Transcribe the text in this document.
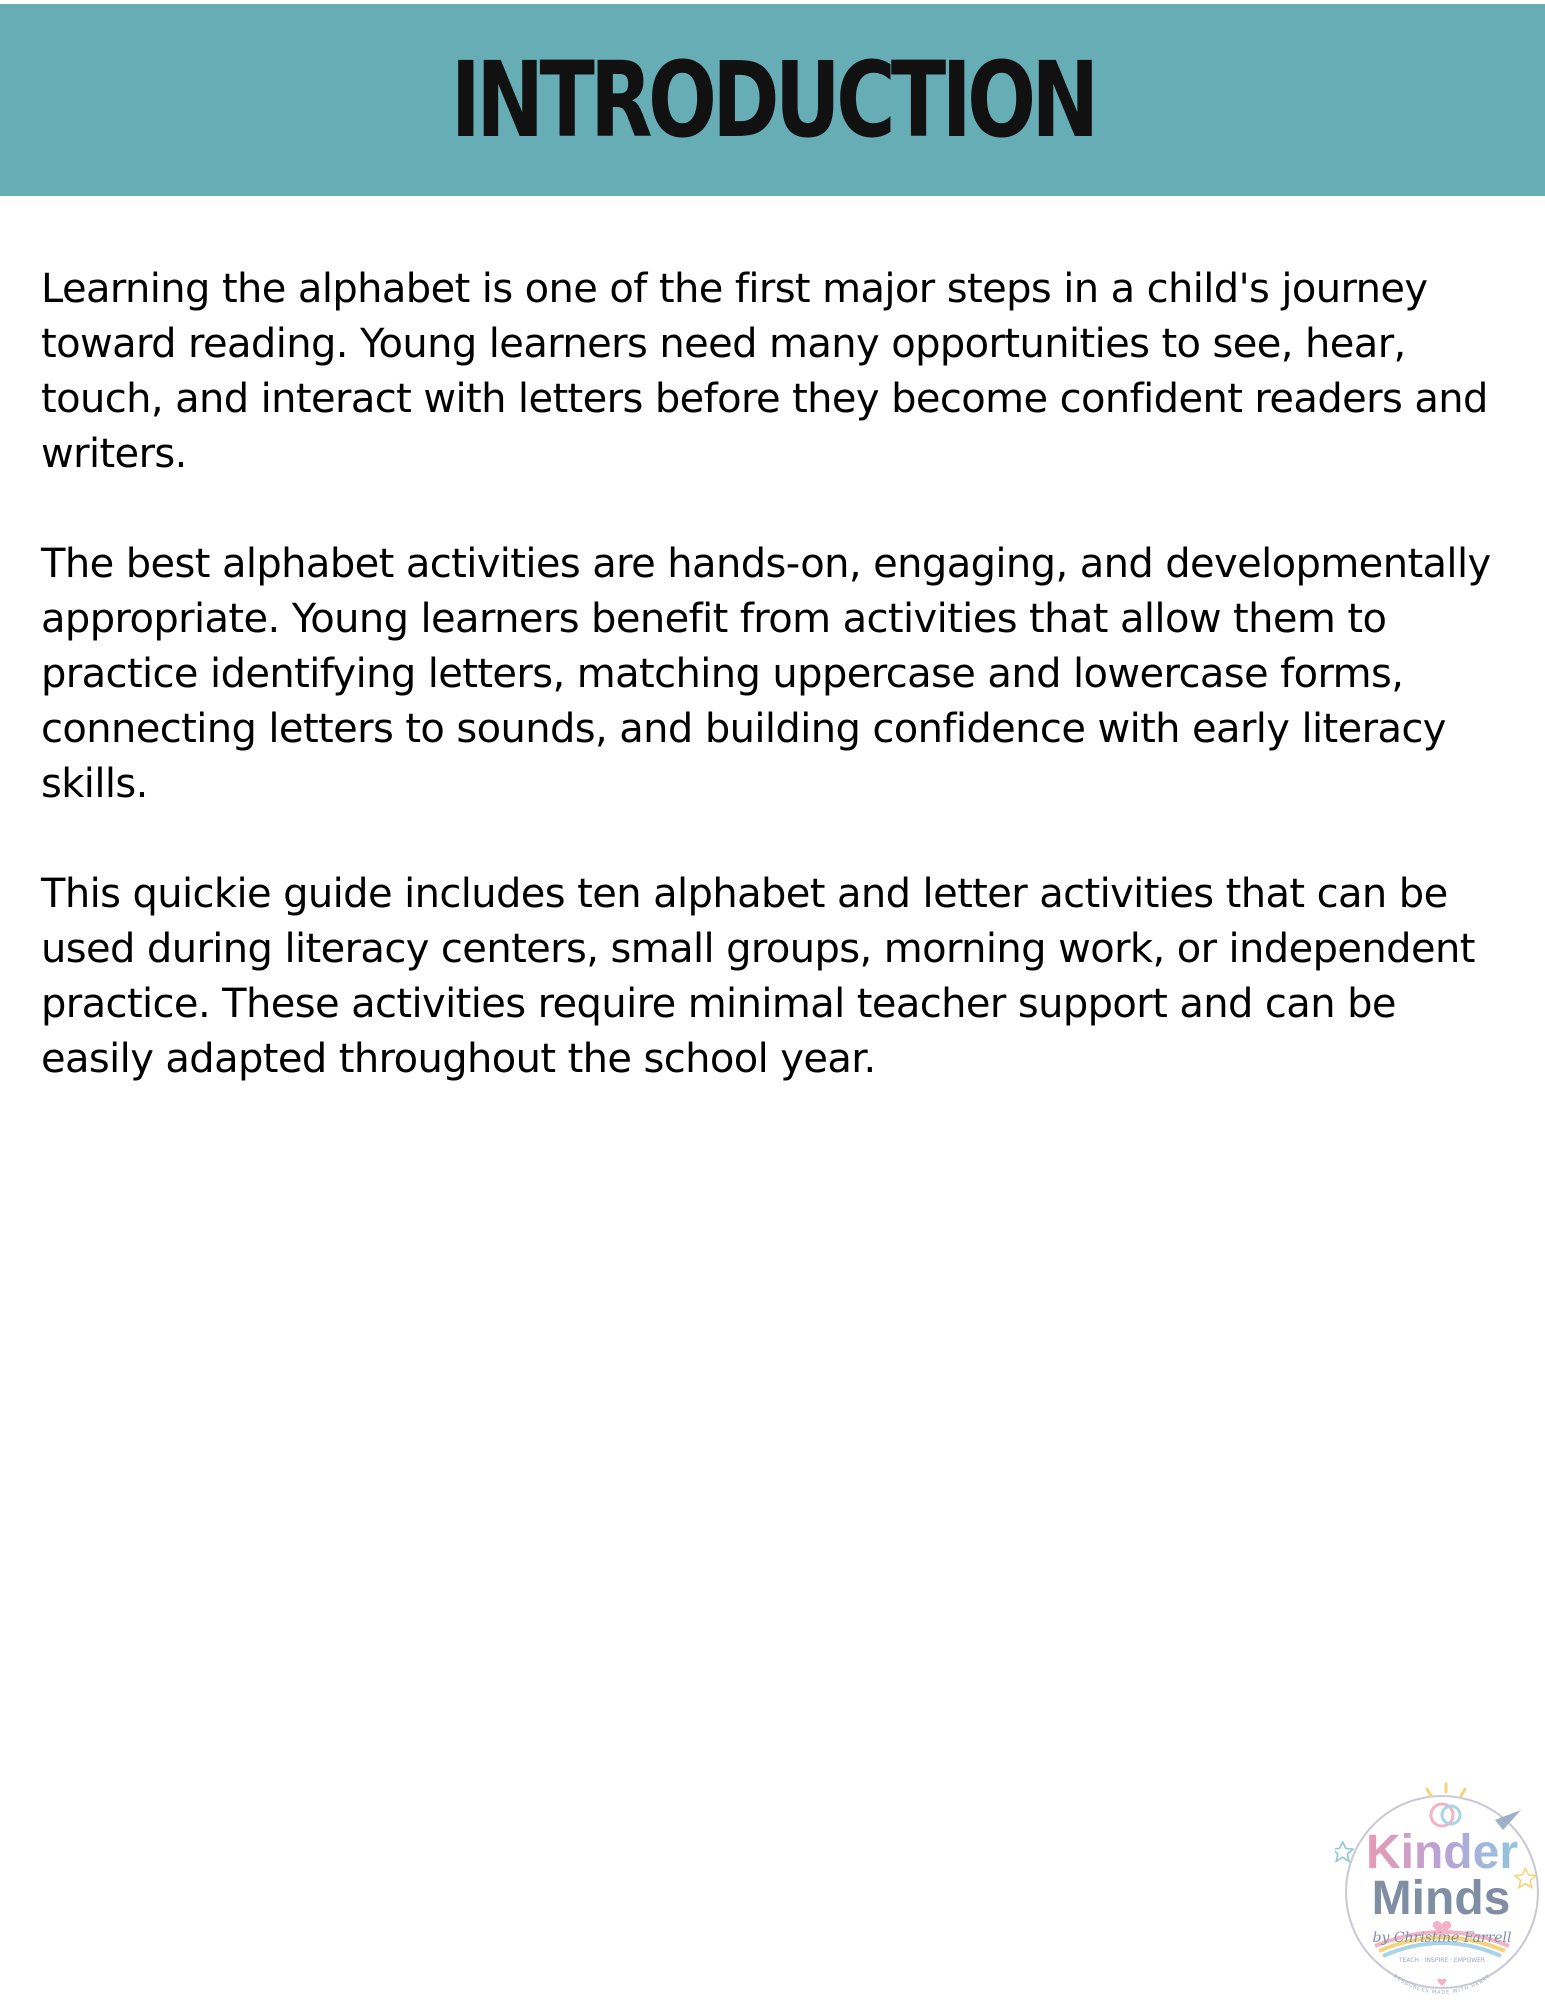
INTRODUCTION

Learning the alphabet is one of the first major steps in a child's journey
toward reading. Young learners need many opportunities to see, hear,
touch, and interact with letters before they become confident readers and
writers.

The best alphabet activities are hands-on, engaging, and developmentally
appropriate. Young learners benefit from activities that allow them to
practice identifying letters, matching uppercase and lowercase forms,
connecting letters to sounds, and building confidence with early literacy
skills.

This quickie guide includes ten alphabet and letter activities that can be
used during literacy centers, small groups, morning work, or independent
practice. These activities require minimal teacher support and can be
easily adapted throughout the school year.

Kinder
Minds
by Christine Farrell
TEACH · INSPIRE · EMPOWER
RESOURCES MADE WITH HEART
